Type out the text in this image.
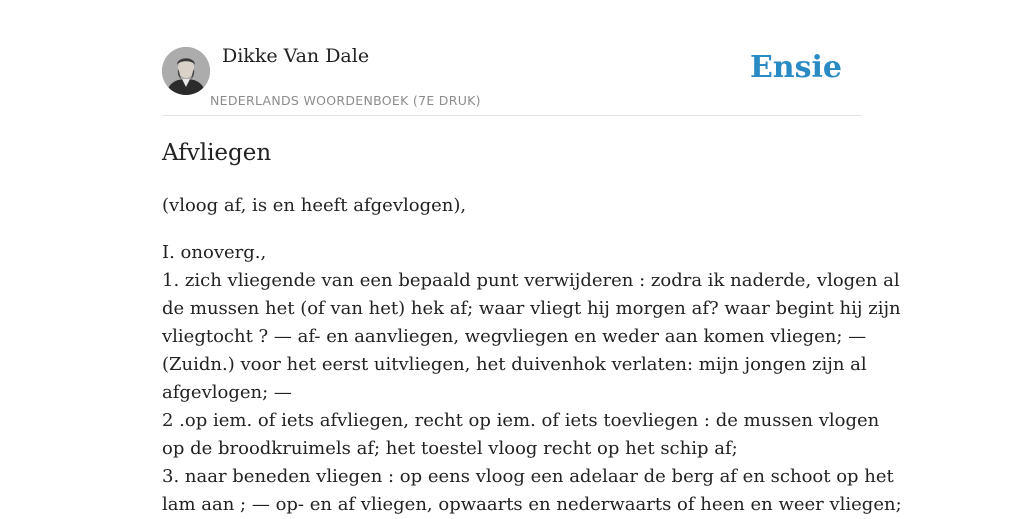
Dikke Van Dale
NEDERLANDS WOORDENBOEK (7E DRUK)
Ensie
Afvliegen

(vloog af, is en heeft afgevlogen),

I. onoverg.,
1. zich vliegende van een bepaald punt verwijderen : zodra ik naderde, vlogen al
de mussen het (of van het) hek af; waar vliegt hij morgen af? waar begint hij zijn
vliegtocht ? — af- en aanvliegen, wegvliegen en weder aan komen vliegen; —
(Zuidn.) voor het eerst uitvliegen, het duivenhok verlaten: mijn jongen zijn al
afgevlogen; —
2 .op iem. of iets afvliegen, recht op iem. of iets toevliegen : de mussen vlogen
op de broodkruimels af; het toestel vloog recht op het schip af;
3. naar beneden vliegen : op eens vloog een adelaar de berg af en schoot op het
lam aan ; — op- en af vliegen, opwaarts en nederwaarts of heen en weer vliegen;
